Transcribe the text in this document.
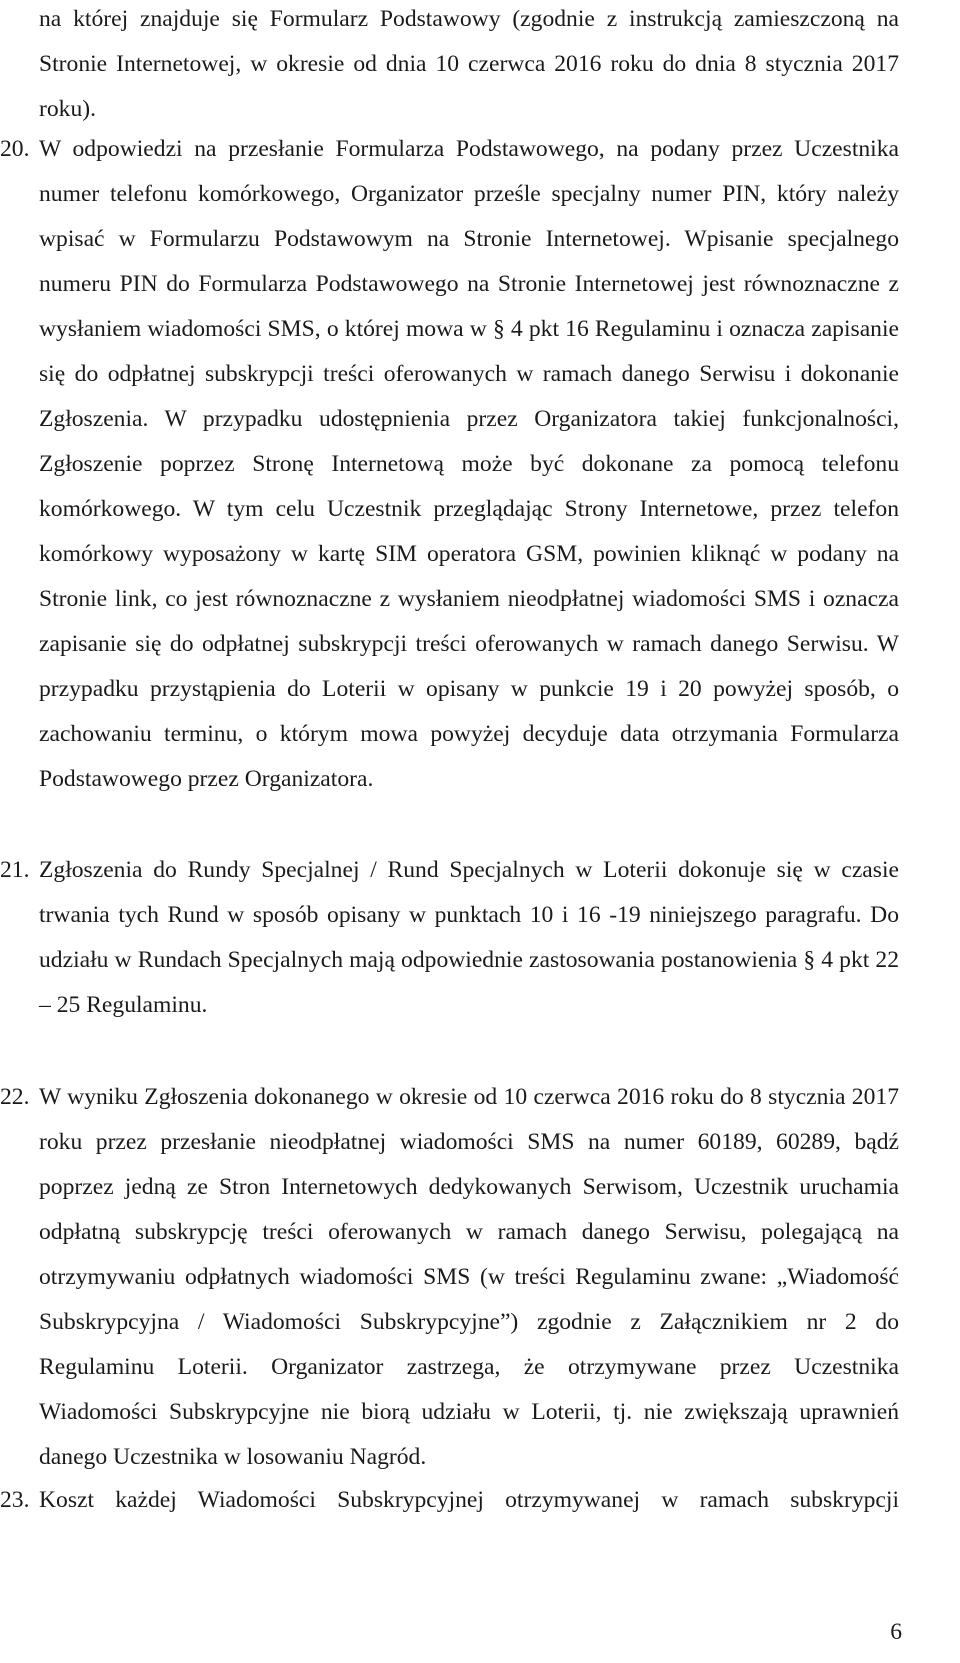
na której znajduje się Formularz Podstawowy (zgodnie z instrukcją zamieszczoną na Stronie Internetowej, w okresie od dnia 10 czerwca 2016 roku do dnia 8 stycznia 2017 roku).

20. W odpowiedzi na przesłanie Formularza Podstawowego, na podany przez Uczestnika numer telefonu komórkowego, Organizator prześle specjalny numer PIN, który należy wpisać w Formularzu Podstawowym na Stronie Internetowej. Wpisanie specjalnego numeru PIN do Formularza Podstawowego na Stronie Internetowej jest równoznaczne z wysłaniem wiadomości SMS, o której mowa w § 4 pkt 16 Regulaminu i oznacza zapisanie się do odpłatnej subskrypcji treści oferowanych w ramach danego Serwisu i dokonanie Zgłoszenia. W przypadku udostępnienia przez Organizatora takiej funkcjonalności, Zgłoszenie poprzez Stronę Internetową może być dokonane za pomocą telefonu komórkowego. W tym celu Uczestnik przeglądając Strony Internetowe, przez telefon komórkowy wyposażony w kartę SIM operatora GSM, powinien kliknąć w podany na Stronie link, co jest równoznaczne z wysłaniem nieodpłatnej wiadomości SMS i oznacza zapisanie się do odpłatnej subskrypcji treści oferowanych w ramach danego Serwisu. W przypadku przystąpienia do Loterii w opisany w punkcie 19 i 20 powyżej sposób, o zachowaniu terminu, o którym mowa powyżej decyduje data otrzymania Formularza Podstawowego przez Organizatora.

21. Zgłoszenia do Rundy Specjalnej / Rund Specjalnych w Loterii dokonuje się w czasie trwania tych Rund w sposób opisany w punktach 10 i 16 -19 niniejszego paragrafu. Do udziału w Rundach Specjalnych mają odpowiednie zastosowania postanowienia § 4 pkt 22 – 25 Regulaminu.

22. W wyniku Zgłoszenia dokonanego w okresie od 10 czerwca 2016 roku do 8 stycznia 2017 roku przez przesłanie nieodpłatnej wiadomości SMS na numer 60189, 60289, bądź poprzez jedną ze Stron Internetowych dedykowanych Serwisom, Uczestnik uruchamia odpłatną subskrypcję treści oferowanych w ramach danego Serwisu, polegającą na otrzymywaniu odpłatnych wiadomości SMS (w treści Regulaminu zwane: „Wiadomość Subskrypcyjna / Wiadomości Subskrypcyjne”) zgodnie z Załącznikiem nr 2 do Regulaminu Loterii. Organizator zastrzega, że otrzymywane przez Uczestnika Wiadomości Subskrypcyjne nie biorą udziału w Loterii, tj. nie zwiększają uprawnień danego Uczestnika w losowaniu Nagród.

23. Koszt każdej Wiadomości Subskrypcyjnej otrzymywanej w ramach subskrypcji

6
